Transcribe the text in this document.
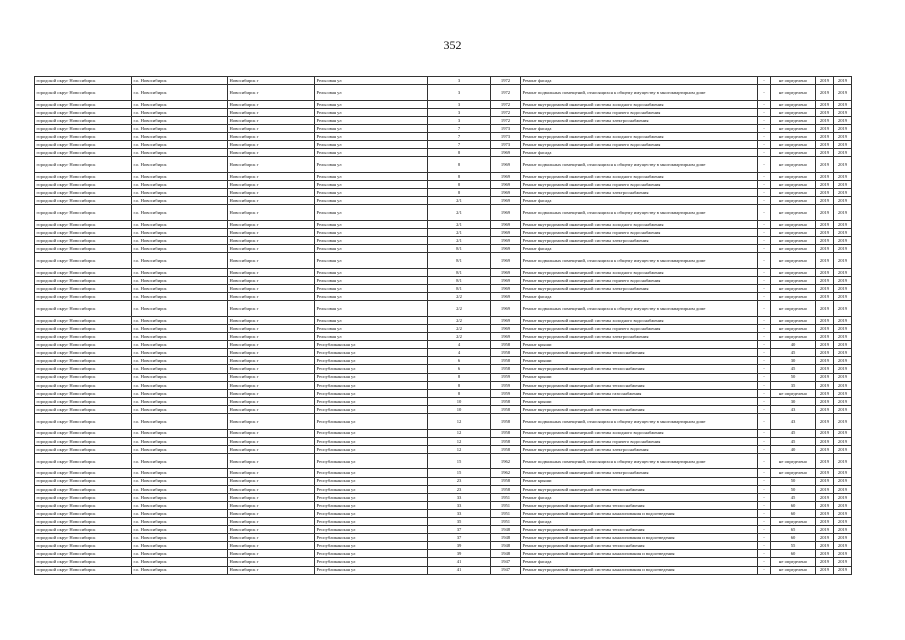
352
городской округ Новосибирск	г.о. Новосибирск	Новосибирск г	Рельсовая ул	3	1972	Ремонт фасада	-	не определено	2019	2019
городской округ Новосибирск	г.о. Новосибирск	Новосибирск г	Рельсовая ул	3	1972	Ремонт подвальных помещений, относящихся к общему имуществу в многоквартирном доме	-	не определено	2019	2019
городской округ Новосибирск	г.о. Новосибирск	Новосибирск г	Рельсовая ул	3	1972	Ремонт внутридомовой инженерной системы холодного водоснабжения	-	не определено	2019	2019
городской округ Новосибирск	г.о. Новосибирск	Новосибирск г	Рельсовая ул	3	1972	Ремонт внутридомовой инженерной системы горячего водоснабжения	-	не определено	2019	2019
городской округ Новосибирск	г.о. Новосибирск	Новосибирск г	Рельсовая ул	3	1972	Ремонт внутридомовой инженерной системы электроснабжения	-	не определено	2019	2019
городской округ Новосибирск	г.о. Новосибирск	Новосибирск г	Рельсовая ул	7	1973	Ремонт фасада	-	не определено	2019	2019
городской округ Новосибирск	г.о. Новосибирск	Новосибирск г	Рельсовая ул	7	1973	Ремонт внутридомовой инженерной системы холодного водоснабжения	-	не определено	2019	2019
городской округ Новосибирск	г.о. Новосибирск	Новосибирск г	Рельсовая ул	7	1973	Ремонт внутридомовой инженерной системы горячего водоснабжения	-	не определено	2019	2019
городской округ Новосибирск	г.о. Новосибирск	Новосибирск г	Рельсовая ул	8	1969	Ремонт фасада	-	не определено	2019	2019
городской округ Новосибирск	г.о. Новосибирск	Новосибирск г	Рельсовая ул	8	1969	Ремонт подвальных помещений, относящихся к общему имуществу в многоквартирном доме	-	не определено	2019	2019
городской округ Новосибирск	г.о. Новосибирск	Новосибирск г	Рельсовая ул	8	1969	Ремонт внутридомовой инженерной системы холодного водоснабжения	-	не определено	2019	2019
городской округ Новосибирск	г.о. Новосибирск	Новосибирск г	Рельсовая ул	8	1969	Ремонт внутридомовой инженерной системы горячего водоснабжения	-	не определено	2019	2019
городской округ Новосибирск	г.о. Новосибирск	Новосибирск г	Рельсовая ул	8	1969	Ремонт внутридомовой инженерной системы электроснабжения	-	не определено	2019	2019
городской округ Новосибирск	г.о. Новосибирск	Новосибирск г	Рельсовая ул	2/1	1969	Ремонт фасада	-	не определено	2019	2019
городской округ Новосибирск	г.о. Новосибирск	Новосибирск г	Рельсовая ул	2/1	1969	Ремонт подвальных помещений, относящихся к общему имуществу в многоквартирном доме	-	не определено	2019	2019
городской округ Новосибирск	г.о. Новосибирск	Новосибирск г	Рельсовая ул	2/1	1969	Ремонт внутридомовой инженерной системы холодного водоснабжения	-	не определено	2019	2019
городской округ Новосибирск	г.о. Новосибирск	Новосибирск г	Рельсовая ул	2/1	1969	Ремонт внутридомовой инженерной системы горячего водоснабжения	-	не определено	2019	2019
городской округ Новосибирск	г.о. Новосибирск	Новосибирск г	Рельсовая ул	2/1	1969	Ремонт внутридомовой инженерной системы электроснабжения	-	не определено	2019	2019
городской округ Новосибирск	г.о. Новосибирск	Новосибирск г	Рельсовая ул	8/1	1969	Ремонт фасада	-	не определено	2019	2019
городской округ Новосибирск	г.о. Новосибирск	Новосибирск г	Рельсовая ул	8/1	1969	Ремонт подвальных помещений, относящихся к общему имуществу в многоквартирном доме	-	не определено	2019	2019
городской округ Новосибирск	г.о. Новосибирск	Новосибирск г	Рельсовая ул	8/1	1969	Ремонт внутридомовой инженерной системы холодного водоснабжения	-	не определено	2019	2019
городской округ Новосибирск	г.о. Новосибирск	Новосибирск г	Рельсовая ул	8/1	1969	Ремонт внутридомовой инженерной системы горячего водоснабжения	-	не определено	2019	2019
городской округ Новосибирск	г.о. Новосибирск	Новосибирск г	Рельсовая ул	8/1	1969	Ремонт внутридомовой инженерной системы электроснабжения	-	не определено	2019	2019
городской округ Новосибирск	г.о. Новосибирск	Новосибирск г	Рельсовая ул	2/2	1969	Ремонт фасада	-	не определено	2019	2019
городской округ Новосибирск	г.о. Новосибирск	Новосибирск г	Рельсовая ул	2/2	1969	Ремонт подвальных помещений, относящихся к общему имуществу в многоквартирном доме	-	не определено	2019	2019
городской округ Новосибирск	г.о. Новосибирск	Новосибирск г	Рельсовая ул	2/2	1969	Ремонт внутридомовой инженерной системы холодного водоснабжения	-	не определено	2019	2019
городской округ Новосибирск	г.о. Новосибирск	Новосибирск г	Рельсовая ул	2/2	1969	Ремонт внутридомовой инженерной системы горячего водоснабжения	-	не определено	2019	2019
городской округ Новосибирск	г.о. Новосибирск	Новосибирск г	Рельсовая ул	2/2	1969	Ремонт внутридомовой инженерной системы электроснабжения	-	не определено	2019	2019
городской округ Новосибирск	г.о. Новосибирск	Новосибирск г	Республиканская ул	4	1958	Ремонт крыши	-	40	2019	2019
городской округ Новосибирск	г.о. Новосибирск	Новосибирск г	Республиканская ул	4	1958	Ремонт внутридомовой инженерной системы теплоснабжения	-	45	2019	2019
городской округ Новосибирск	г.о. Новосибирск	Новосибирск г	Республиканская ул	6	1958	Ремонт крыши	-	30	2019	2019
городской округ Новосибирск	г.о. Новосибирск	Новосибирск г	Республиканская ул	6	1958	Ремонт внутридомовой инженерной системы теплоснабжения	-	45	2019	2019
городской округ Новосибирск	г.о. Новосибирск	Новосибирск г	Республиканская ул	8	1959	Ремонт крыши	-	50	2019	2019
городской округ Новосибирск	г.о. Новосибирск	Новосибирск г	Республиканская ул	8	1959	Ремонт внутридомовой инженерной системы теплоснабжения	-	35	2019	2019
городской округ Новосибирск	г.о. Новосибирск	Новосибирск г	Республиканская ул	8	1959	Ремонт внутридомовой инженерной системы газоснабжения	-	не определено	2019	2019
городской округ Новосибирск	г.о. Новосибирск	Новосибирск г	Республиканская ул	10	1958	Ремонт крыши	-	30	2019	2019
городской округ Новосибирск	г.о. Новосибирск	Новосибирск г	Республиканская ул	10	1958	Ремонт внутридомовой инженерной системы теплоснабжения	-	43	2019	2019
городской округ Новосибирск	г.о. Новосибирск	Новосибирск г	Республиканская ул	12	1958	Ремонт подвальных помещений, относящихся к общему имуществу в многоквартирном доме	-	43	2019	2019
городской округ Новосибирск	г.о. Новосибирск	Новосибирск г	Республиканская ул	12	1958	Ремонт внутридомовой инженерной системы холодного водоснабжения	-	45	2019	2019
городской округ Новосибирск	г.о. Новосибирск	Новосибирск г	Республиканская ул	12	1958	Ремонт внутридомовой инженерной системы горячего водоснабжения	-	45	2019	2019
городской округ Новосибирск	г.о. Новосибирск	Новосибирск г	Республиканская ул	12	1958	Ремонт внутридомовой инженерной системы электроснабжения	-	40	2019	2019
городской округ Новосибирск	г.о. Новосибирск	Новосибирск г	Республиканская ул	15	1962	Ремонт подвальных помещений, относящихся к общему имуществу в многоквартирном доме	-	не определено	2019	2019
городской округ Новосибирск	г.о. Новосибирск	Новосибирск г	Республиканская ул	15	1962	Ремонт внутридомовой инженерной системы электроснабжения	-	не определено	2019	2019
городской округ Новосибирск	г.о. Новосибирск	Новосибирск г	Республиканская ул	23	1958	Ремонт крыши	-	50	2019	2019
городской округ Новосибирск	г.о. Новосибирск	Новосибирск г	Республиканская ул	23	1958	Ремонт внутридомовой инженерной системы теплоснабжения	-	50	2019	2019
городской округ Новосибирск	г.о. Новосибирск	Новосибирск г	Республиканская ул	33	1951	Ремонт фасада	-	45	2019	2019
городской округ Новосибирск	г.о. Новосибирск	Новосибирск г	Республиканская ул	33	1951	Ремонт внутридомовой инженерной системы теплоснабжения	-	60	2019	2019
городской округ Новосибирск	г.о. Новосибирск	Новосибирск г	Республиканская ул	33	1951	Ремонт внутридомовой инженерной системы канализования и водоотведения	-	60	2019	2019
городской округ Новосибирск	г.о. Новосибирск	Новосибирск г	Республиканская ул	35	1951	Ремонт фасада	-	не определено	2019	2019
городской округ Новосибирск	г.о. Новосибирск	Новосибирск г	Республиканская ул	37	1948	Ремонт внутридомовой инженерной системы теплоснабжения	-	65	2019	2019
городской округ Новосибирск	г.о. Новосибирск	Новосибирск г	Республиканская ул	37	1948	Ремонт внутридомовой инженерной системы канализования и водоотведения	-	60	2019	2019
городской округ Новосибирск	г.о. Новосибирск	Новосибирск г	Республиканская ул	39	1948	Ремонт внутридомовой инженерной системы теплоснабжения	-	55	2019	2019
городской округ Новосибирск	г.о. Новосибирск	Новосибирск г	Республиканская ул	39	1948	Ремонт внутридомовой инженерной системы канализования и водоотведения	-	60	2019	2019
городской округ Новосибирск	г.о. Новосибирск	Новосибирск г	Республиканская ул	41	1947	Ремонт фасада	-	не определено	2019	2019
городской округ Новосибирск	г.о. Новосибирск	Новосибирск г	Республиканская ул	41	1947	Ремонт внутридомовой инженерной системы канализования и водоотведения	-	не определено	2019	2019
